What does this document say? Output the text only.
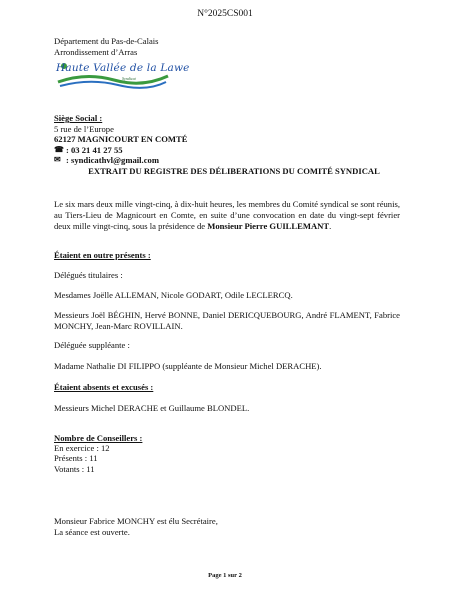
N°2025CS001
Département du Pas-de-Calais
Arrondissement d’Arras
Haute Vallée de la Lawe
Syndicat
Siège Social :
5 rue de l’Europe
62127 MAGNICOURT EN COMTÉ
☎ : 03 21 41 27 55
✉ : syndicathvl@gmail.com
EXTRAIT DU REGISTRE DES DÉLIBERATIONS DU COMITÉ SYNDICAL
Le six mars deux mille vingt-cinq, à dix-huit heures, les membres du Comité syndical se sont réunis, au Tiers-Lieu de Magnicourt en Comte, en suite d’une convocation en date du vingt-sept février deux mille vingt-cinq, sous la présidence de Monsieur Pierre GUILLEMANT.
Étaient en outre présents :
Délégués titulaires :
Mesdames Joëlle ALLEMAN, Nicole GODART, Odile LECLERCQ.
Messieurs Joël BÉGHIN, Hervé BONNE, Daniel DERICQUEBOURG, André FLAMENT, Fabrice MONCHY, Jean-Marc ROVILLAIN.
Déléguée suppléante :
Madame Nathalie DI FILIPPO (suppléante de Monsieur Michel DERACHE).
Étaient absents et excusés :
Messieurs Michel DERACHE et Guillaume BLONDEL.
Nombre de Conseillers :
En exercice : 12
Présents : 11
Votants : 11
Monsieur Fabrice MONCHY est élu Secrétaire,
La séance est ouverte.
Page 1 sur 2
